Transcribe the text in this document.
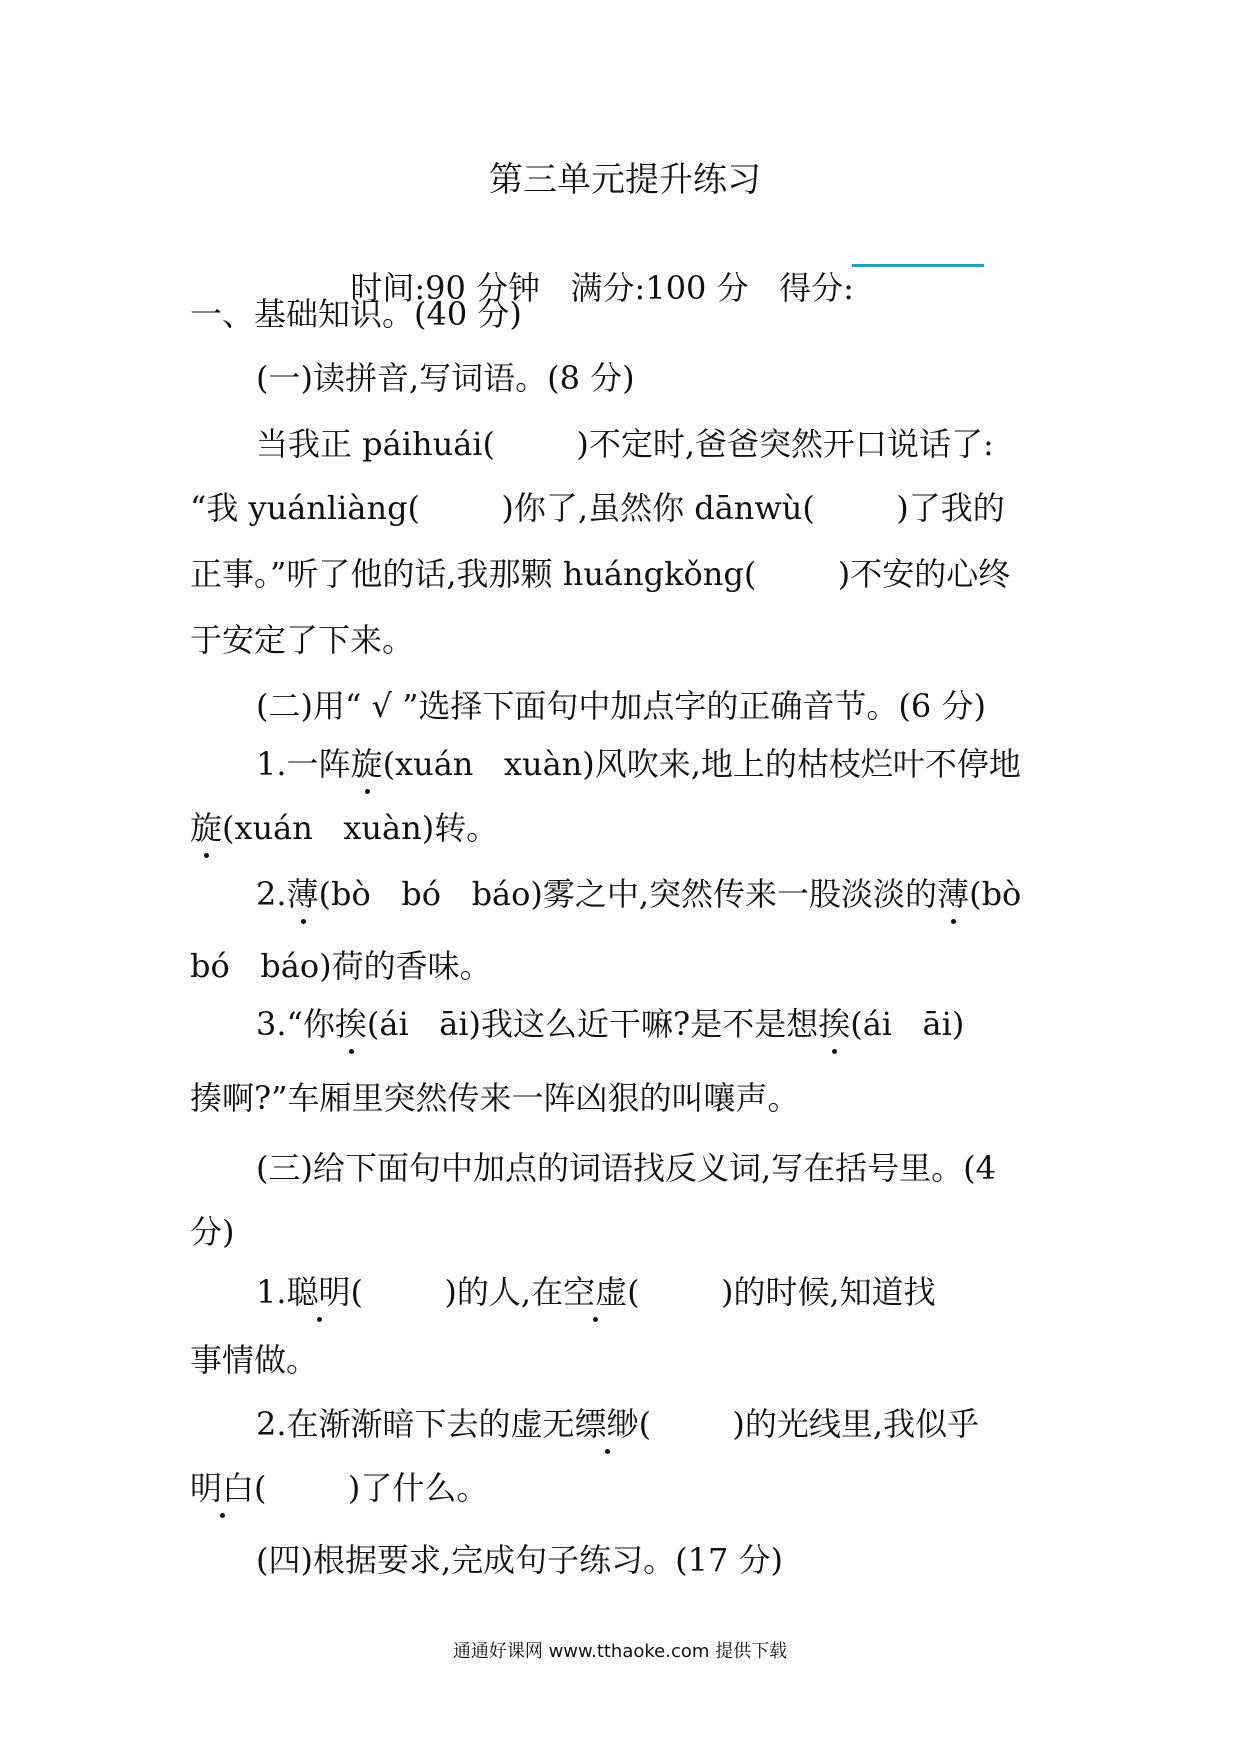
第三单元提升练习

时间:90 分钟 满分:100 分 得分:

一、基础知识。(40 分)
(一)读拼音,写词语。(8 分)
当我正 páihuái(        )不定时,爸爸突然开口说话了:
“我 yuánliàng(        )你了,虽然你 dānwù(        )了我的
正事。”听了他的话,我那颗 huángkǒng(        )不安的心终
于安定了下来。
(二)用“ √ ”选择下面句中加点字的正确音节。(6 分)
1.一阵旋(xuán   xuàn)风吹来,地上的枯枝烂叶不停地
旋(xuán   xuàn)转。
2.薄(bò   bó   báo)雾之中,突然传来一股淡淡的薄(bò
bó   báo)荷的香味。
3.“你挨(ái   āi)我这么近干嘛?是不是想挨(ái   āi)
揍啊?”车厢里突然传来一阵凶狠的叫嚷声。
(三)给下面句中加点的词语找反义词,写在括号里。(4
分)
1.聪明(        )的人,在空虚(        )的时候,知道找
事情做。
2.在渐渐暗下去的虚无缥缈(        )的光线里,我似乎
明白(        )了什么。
(四)根据要求,完成句子练习。(17 分)
通通好课网 www.tthaoke.com 提供下载
